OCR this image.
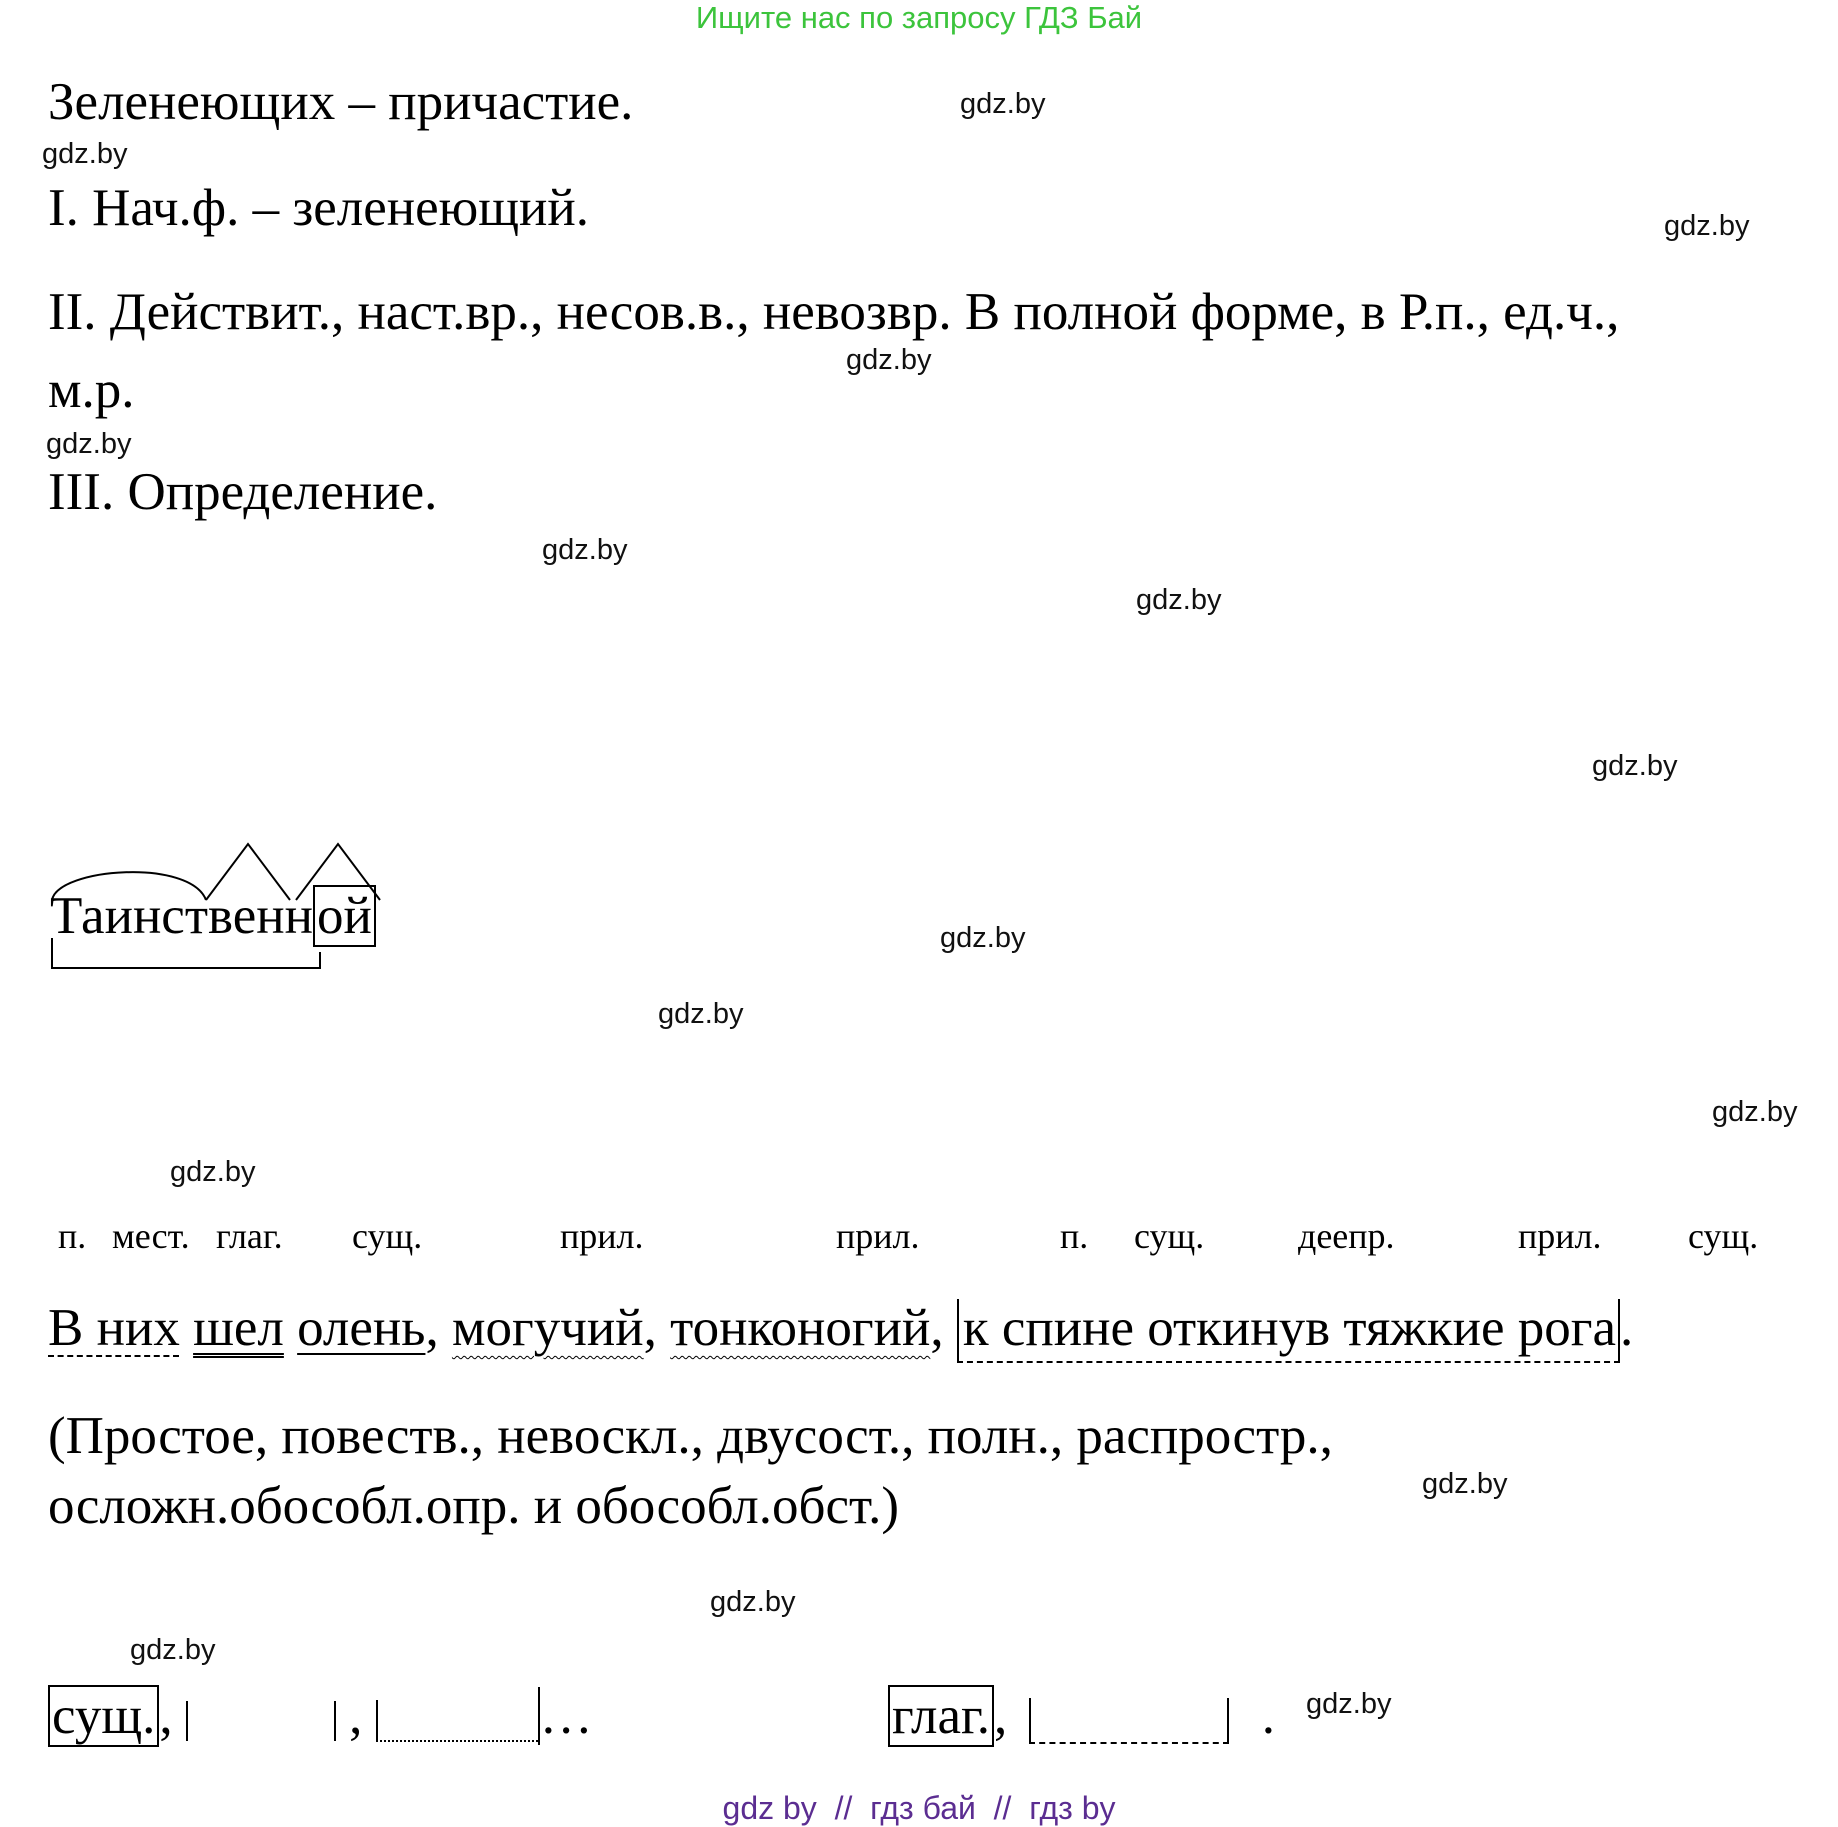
Ищите нас по запросу ГДЗ Бай
Зеленеющих – причастие.
I. Нач.ф. – зеленеющий.
II. Действит., наст.вр., несов.в., невозвр. В полной форме, в Р.п., ед.ч.,
м.р.
III. Определение.
Таинственной
п. мест. глаг. сущ.	прил.	прил.	п. сущ.	деепр.	прил. сущ.
В них шел олень, могучий, тонконогий, к спине откинув тяжкие рога.
(Простое, повеств., невоскл., двусост., полн., распростр.,
осложн.обособл.опр. и обособл.обст.)
сущ.,	,	…	глаг.,	.
gdz.by
gdz.by
gdz.by
gdz.by
gdz.by
gdz.by
gdz.by
gdz.by
gdz.by
gdz.by
gdz.by
gdz.by
gdz.by
gdz.by
gdz.by
gdz.by
gdz by  //  гдз бай  //  гдз by
